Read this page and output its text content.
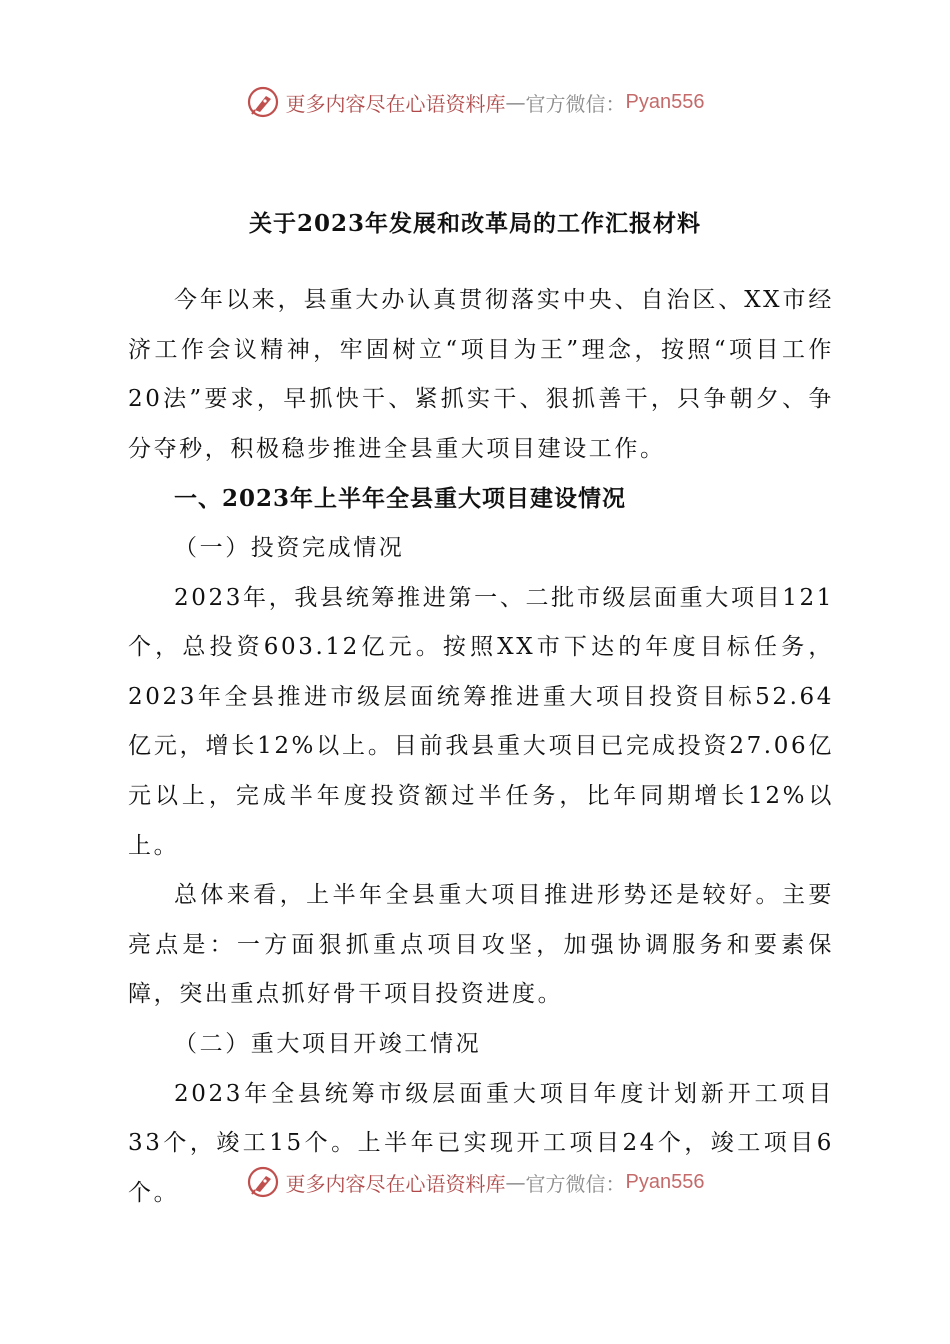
更多内容尽在心语资料库 — 官方微信： Pyan556
关于2023年发展和改革局的工作汇报材料

今年以来，县重大办认真贯彻落实中央、自治区、XX市经济工作会议精神，牢固树立“项目为王”理念，按照“项目工作20法”要求，早抓快干、紧抓实干、狠抓善干，只争朝夕、争分夺秒，积极稳步推进全县重大项目建设工作。

一、2023年上半年全县重大项目建设情况

（一）投资完成情况

2023年，我县统筹推进第一、二批市级层面重大项目121个，总投资603.12亿元。按照XX市下达的年度目标任务，2023年全县推进市级层面统筹推进重大项目投资目标52.64亿元，增长12%以上。目前我县重大项目已完成投资27.06亿元以上，完成半年度投资额过半任务，比年同期增长12%以上。

总体来看，上半年全县重大项目推进形势还是较好。主要亮点是：一方面狠抓重点项目攻坚，加强协调服务和要素保障，突出重点抓好骨干项目投资进度。

（二）重大项目开竣工情况

2023年全县统筹市级层面重大项目年度计划新开工项目33个，竣工15个。上半年已实现开工项目24个，竣工项目6个。	更多内容尽在心语资料库 — 官方微信： Pyan556
